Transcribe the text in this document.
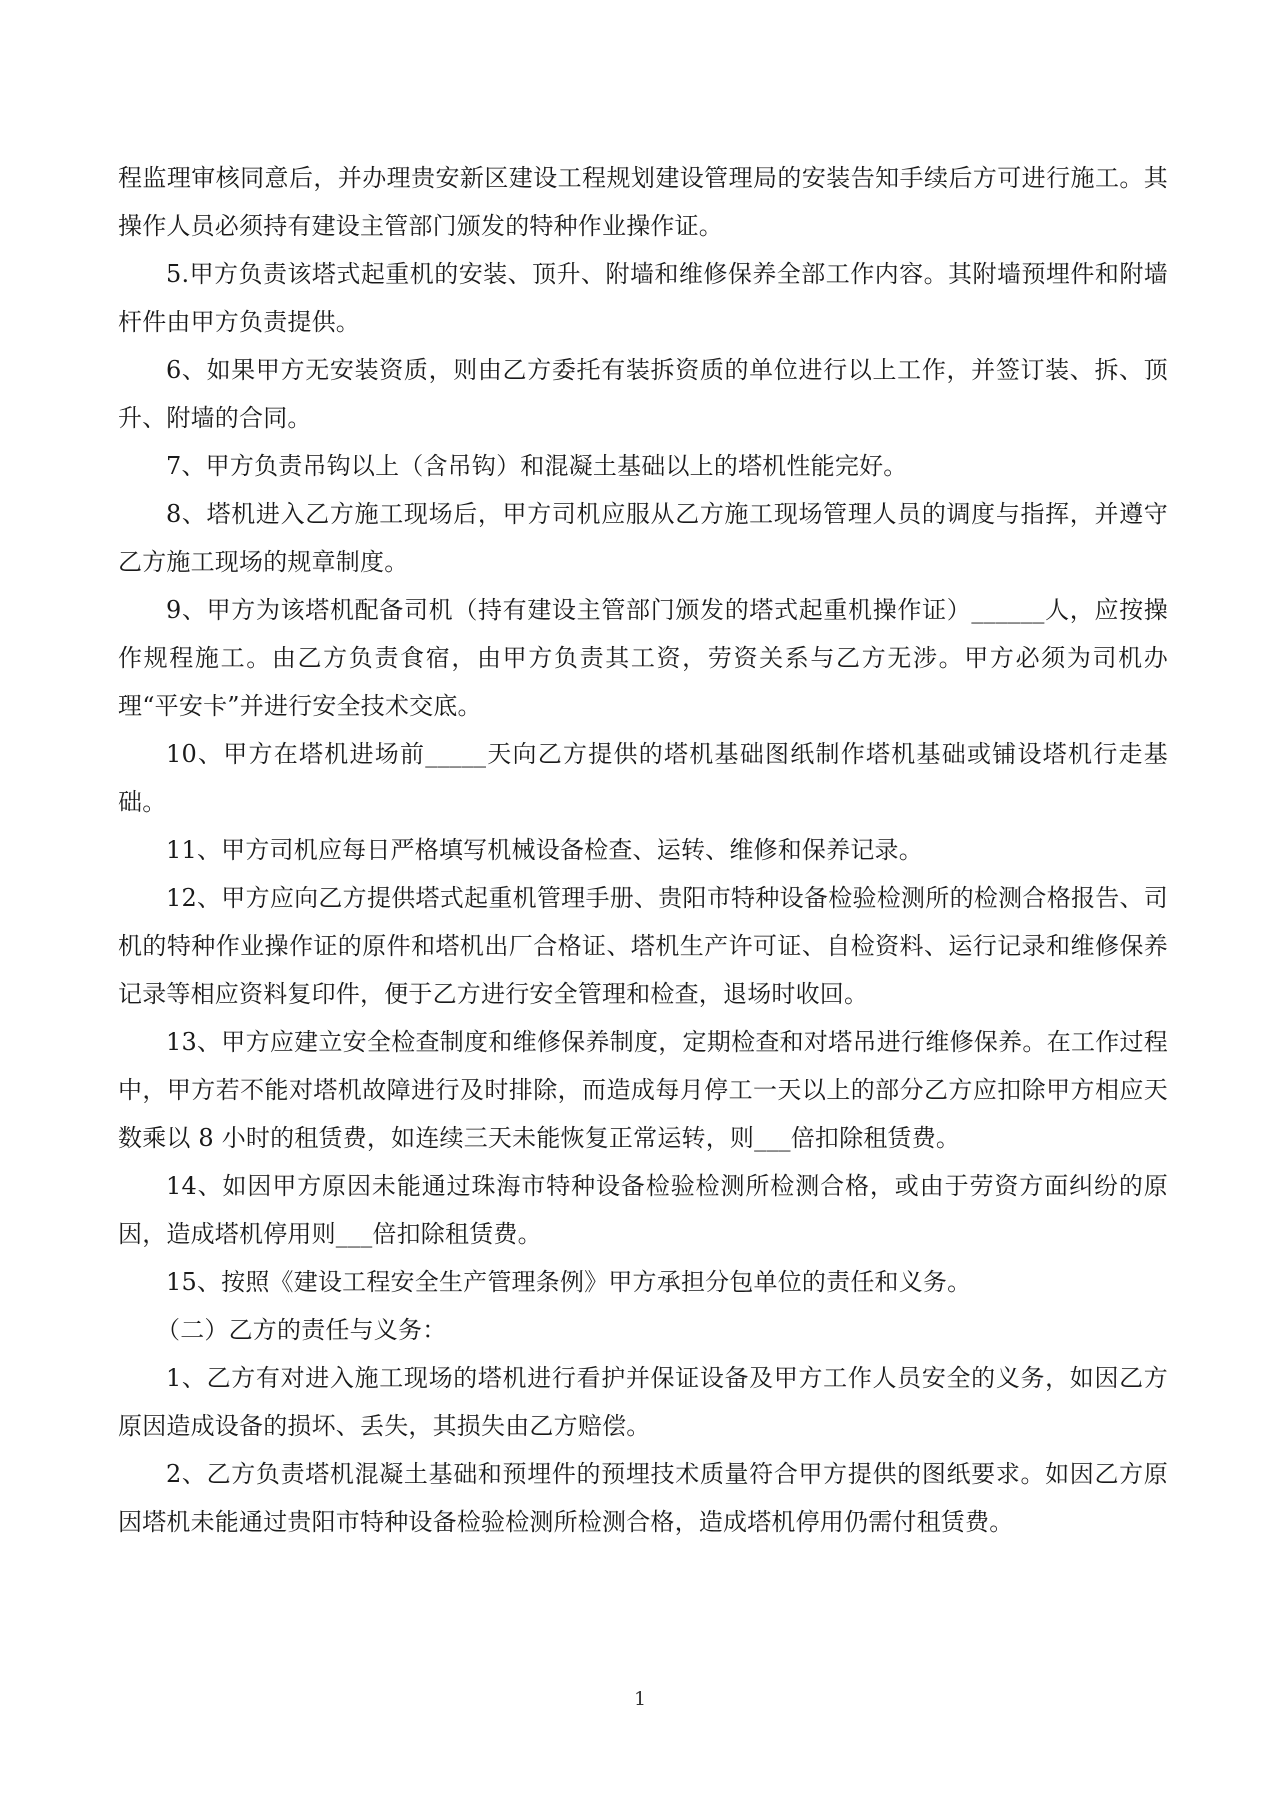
程监理审核同意后，并办理贵安新区建设工程规划建设管理局的安装告知手续后方可进行施工。其操作人员必须持有建设主管部门颁发的特种作业操作证。

5.甲方负责该塔式起重机的安装、顶升、附墙和维修保养全部工作内容。其附墙预埋件和附墙杆件由甲方负责提供。

6、如果甲方无安装资质，则由乙方委托有装拆资质的单位进行以上工作，并签订装、拆、顶升、附墙的合同。

7、甲方负责吊钩以上（含吊钩）和混凝土基础以上的塔机性能完好。

8、塔机进入乙方施工现场后，甲方司机应服从乙方施工现场管理人员的调度与指挥，并遵守乙方施工现场的规章制度。

9、甲方为该塔机配备司机（持有建设主管部门颁发的塔式起重机操作证）______人，应按操作规程施工。由乙方负责食宿，由甲方负责其工资，劳资关系与乙方无涉。甲方必须为司机办理“平安卡”并进行安全技术交底。

10、甲方在塔机进场前_____天向乙方提供的塔机基础图纸制作塔机基础或铺设塔机行走基础。

11、甲方司机应每日严格填写机械设备检查、运转、维修和保养记录。

12、甲方应向乙方提供塔式起重机管理手册、贵阳市特种设备检验检测所的检测合格报告、司机的特种作业操作证的原件和塔机出厂合格证、塔机生产许可证、自检资料、运行记录和维修保养记录等相应资料复印件，便于乙方进行安全管理和检查，退场时收回。

13、甲方应建立安全检查制度和维修保养制度，定期检查和对塔吊进行维修保养。在工作过程中，甲方若不能对塔机故障进行及时排除，而造成每月停工一天以上的部分乙方应扣除甲方相应天数乘以 8 小时的租赁费，如连续三天未能恢复正常运转，则___倍扣除租赁费。

14、如因甲方原因未能通过珠海市特种设备检验检测所检测合格，或由于劳资方面纠纷的原因，造成塔机停用则___倍扣除租赁费。

15、按照《建设工程安全生产管理条例》甲方承担分包单位的责任和义务。

（二）乙方的责任与义务：

1、乙方有对进入施工现场的塔机进行看护并保证设备及甲方工作人员安全的义务，如因乙方原因造成设备的损坏、丢失，其损失由乙方赔偿。

2、乙方负责塔机混凝土基础和预埋件的预埋技术质量符合甲方提供的图纸要求。如因乙方原因塔机未能通过贵阳市特种设备检验检测所检测合格，造成塔机停用仍需付租赁费。

1
